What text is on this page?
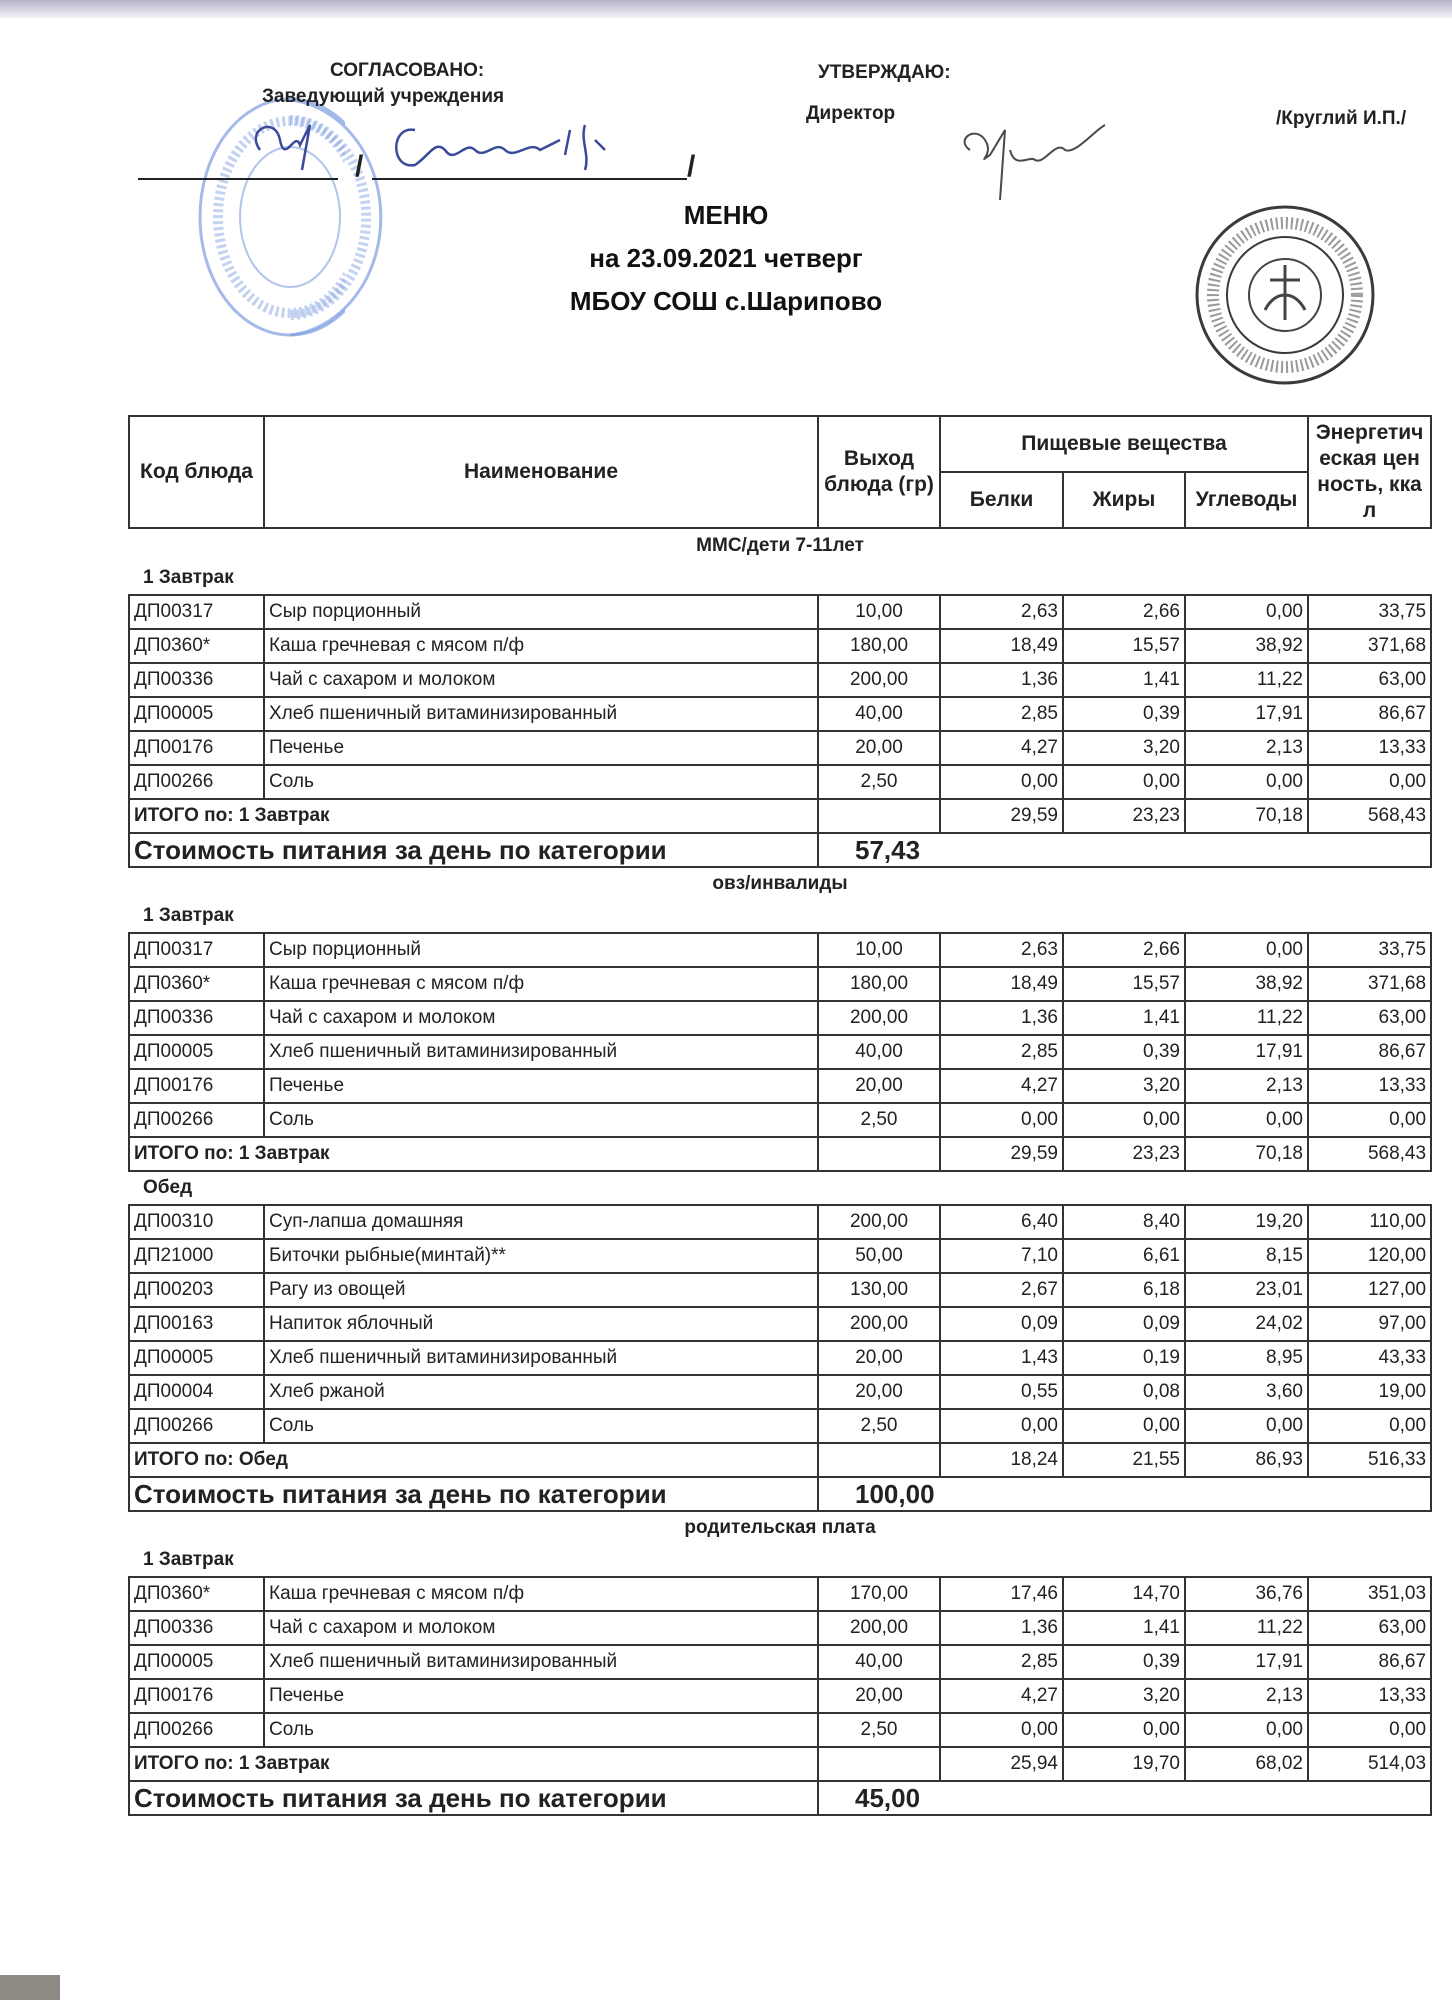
СОГЛАСОВАНО:
Заведующий учреждения
УТВЕРЖДАЮ:
Директор	/Круглий И.П./
/	/
МЕНЮ
на 23.09.2021 четверг
МБОУ СОШ с.Шарипово
Код блюда	Наименование	Выход блюда (гр)	Пищевые вещества			Энергетическая ценность, ккал
			Белки	Жиры	Углеводы	
ММС/дети 7-11лет						
1 Завтрак						
ДП00317	Сыр порционный	10,00	2,63	2,66	0,00	33,75
ДП0360*	Каша гречневая с мясом п/ф	180,00	18,49	15,57	38,92	371,68
ДП00336	Чай с сахаром и молоком	200,00	1,36	1,41	11,22	63,00
ДП00005	Хлеб пшеничный витаминизированный	40,00	2,85	0,39	17,91	86,67
ДП00176	Печенье	20,00	4,27	3,20	2,13	13,33
ДП00266	Соль	2,50	0,00	0,00	0,00	0,00
ИТОГО по: 1 Завтрак			29,59	23,23	70,18	568,43
Стоимость питания за день по категории		57,43				
овз/инвалиды						
1 Завтрак						
ДП00317	Сыр порционный	10,00	2,63	2,66	0,00	33,75
ДП0360*	Каша гречневая с мясом п/ф	180,00	18,49	15,57	38,92	371,68
ДП00336	Чай с сахаром и молоком	200,00	1,36	1,41	11,22	63,00
ДП00005	Хлеб пшеничный витаминизированный	40,00	2,85	0,39	17,91	86,67
ДП00176	Печенье	20,00	4,27	3,20	2,13	13,33
ДП00266	Соль	2,50	0,00	0,00	0,00	0,00
ИТОГО по: 1 Завтрак			29,59	23,23	70,18	568,43
Обед						
ДП00310	Суп-лапша домашняя	200,00	6,40	8,40	19,20	110,00
ДП21000	Биточки рыбные(минтай)**	50,00	7,10	6,61	8,15	120,00
ДП00203	Рагу из овощей	130,00	2,67	6,18	23,01	127,00
ДП00163	Напиток яблочный	200,00	0,09	0,09	24,02	97,00
ДП00005	Хлеб пшеничный витаминизированный	20,00	1,43	0,19	8,95	43,33
ДП00004	Хлеб ржаной	20,00	0,55	0,08	3,60	19,00
ДП00266	Соль	2,50	0,00	0,00	0,00	0,00
ИТОГО по: Обед			18,24	21,55	86,93	516,33
Стоимость питания за день по категории		100,00				
родительская плата						
1 Завтрак						
ДП0360*	Каша гречневая с мясом п/ф	170,00	17,46	14,70	36,76	351,03
ДП00336	Чай с сахаром и молоком	200,00	1,36	1,41	11,22	63,00
ДП00005	Хлеб пшеничный витаминизированный	40,00	2,85	0,39	17,91	86,67
ДП00176	Печенье	20,00	4,27	3,20	2,13	13,33
ДП00266	Соль	2,50	0,00	0,00	0,00	0,00
ИТОГО по: 1 Завтрак			25,94	19,70	68,02	514,03
Стоимость питания за день по категории		45,00				
